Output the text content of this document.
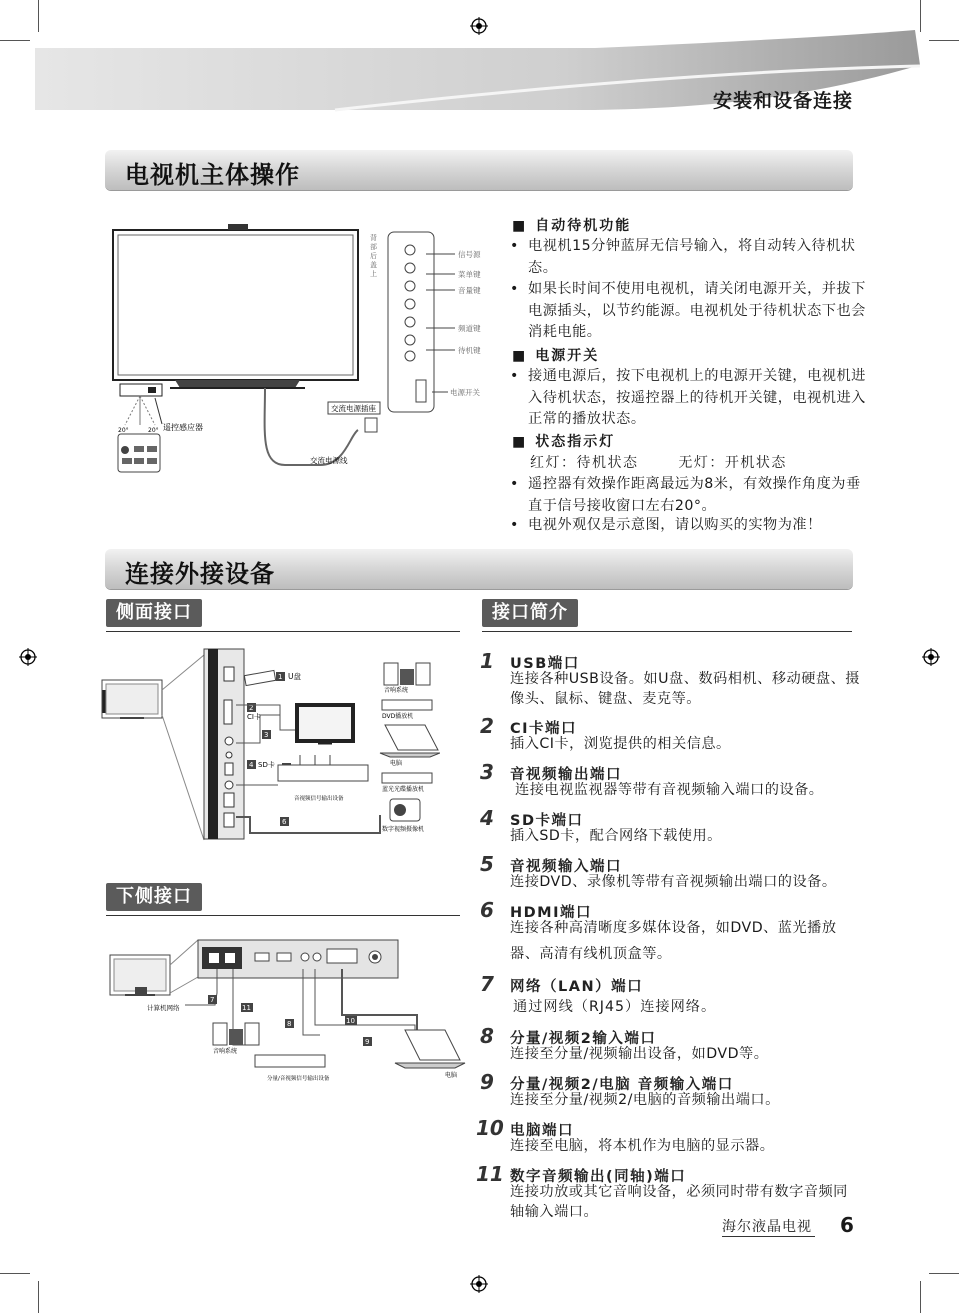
安装和设备连接
电视机主体操作
20°	20° 遥控感应器
背
部
后
盖
上
信号源
菜单键
音量键
频道键
待机键
电源开关
交流电源插座
交流电源线
■ 自动待机功能
• 电视机15分钟蓝屏无信号输入，将自动转入待机状态。
• 如果长时间不使用电视机，请关闭电源开关，并拔下电源插头，以节约能源。电视机处于待机状态下也会消耗电能。
■ 电源开关
• 接通电源后，按下电视机上的电源开关键，电视机进入待机状态，按遥控器上的待机开关键，电视机进入正常的播放状态。
■ 状态指示灯
红灯：待机状态	无灯：开机状态
• 遥控器有效操作距离最远为8米，有效操作角度为垂直于信号接收窗口左右20°。
• 电视外观仅是示意图，请以购买的实物为准！
连接外接设备
侧面接口	接口简介
下侧接口
1 U盘
2
CI卡
3
4 SD卡
6
音视频信号输出设备
音响系统
DVD播放机
电脑
蓝光光碟播放机
数字视频摄像机
7
8
9
10
11
计算机网络
音响系统
分量/音视频信号输出设备	电脑
1 USB端口
连接各种USB设备。如U盘、数码相机、移动硬盘、摄像头、鼠标、键盘、麦克等。
2 CI卡端口
插入CI卡，浏览提供的相关信息。
3 音视频输出端口
连接电视监视器等带有音视频输入端口的设备。
4 SD卡端口
插入SD卡，配合网络下载使用。
5 音视频输入端口
连接DVD、录像机等带有音视频输出端口的设备。
6 HDMI端口
连接各种高清晰度多媒体设备，如DVD、蓝光播放器、高清有线机顶盒等。
7 网络（LAN）端口
通过网线（RJ45）连接网络。
8 分量/视频2输入端口
连接至分量/视频输出设备，如DVD等。
9 分量/视频2/电脑 音频输入端口
连接至分量/视频2/电脑的音频输出端口。
10 电脑端口
连接至电脑，将本机作为电脑的显示器。
11 数字音频输出(同轴)端口
连接功放或其它音响设备，必须同时带有数字音频同轴输入端口。
海尔液晶电视 6
